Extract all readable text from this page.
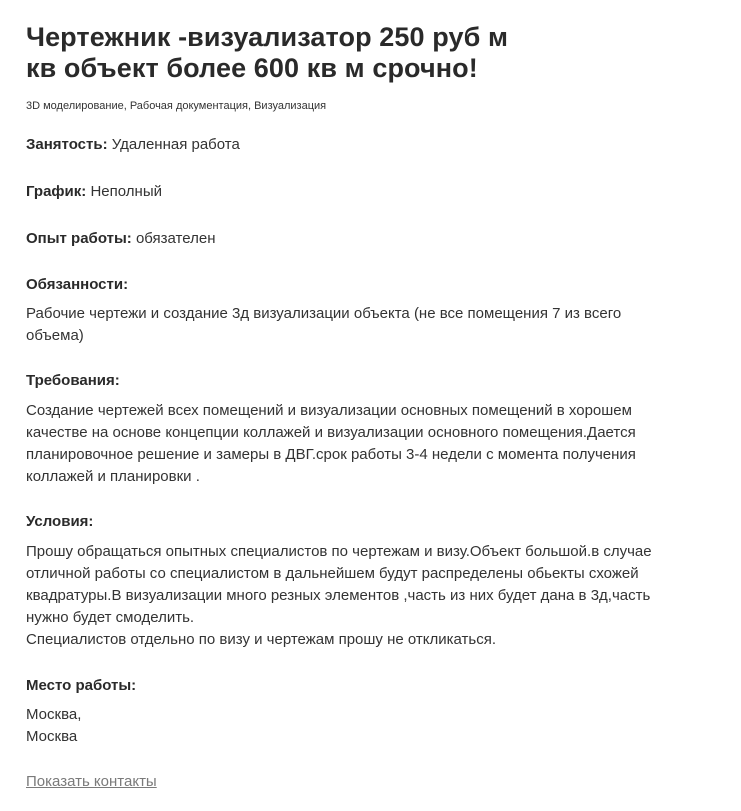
Чертежник -визуализатор 250 руб м
кв объект более 600 кв м срочно!
3D моделирование, Рабочая документация, Визуализация
Занятость: Удаленная работа
График: Неполный
Опыт работы: обязателен
Обязанности:
Рабочие чертежи и создание 3д визуализации объекта (не все помещения 7 из всего
объема)
Требования:
Создание чертежей всех помещений и визуализации основных помещений в хорошем
качестве на основе концепции коллажей и визуализации основного помещения.Дается
планировочное решение и замеры в ДВГ.срок работы 3-4 недели с момента получения
коллажей и планировки .
Условия:
Прошу обращаться опытных специалистов по чертежам и визу.Объект большой.в случае
отличной работы со специалистом в дальнейшем будут распределены обьекты схожей
квадратуры.В визуализации много резных элементов ,часть из них будет дана в 3д,часть
нужно будет смоделить.
Специалистов отдельно по визу и чертежам прошу не откликаться.
Место работы:
Москва,
Москва
Показать контакты
